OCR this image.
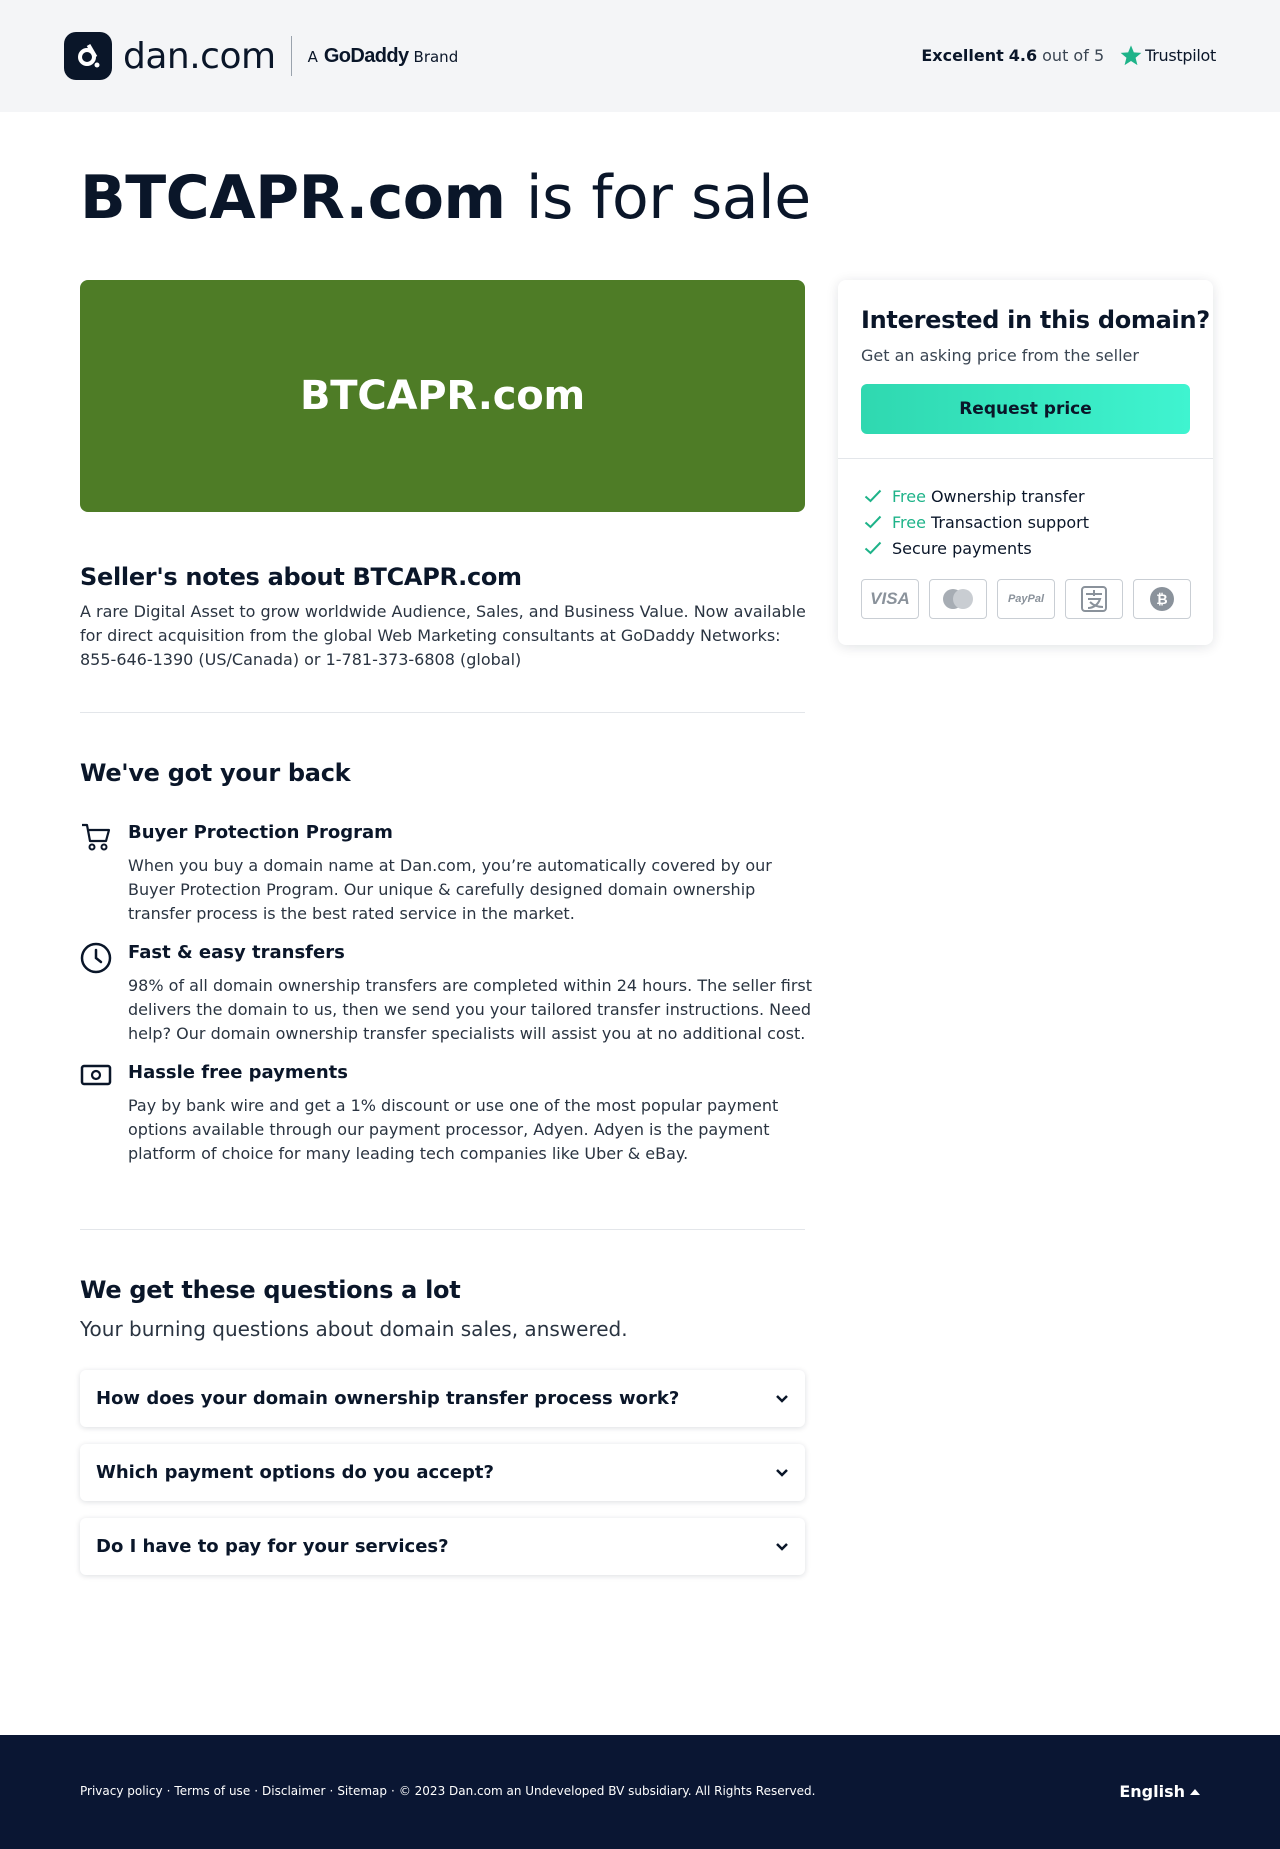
dan.com A GoDaddy Brand	Excellent 4.6 out of 5	Trustpilot
BTCAPR.com is for sale
BTCAPR.com
Interested in this domain?
Get an asking price from the seller
Request price
Free Ownership transfer
Free Transaction support
Secure payments
VISA	PayPal	₿
Seller's notes about BTCAPR.com

A rare Digital Asset to grow worldwide Audience, Sales, and Business Value. Now available for direct acquisition from the global Web Marketing consultants at GoDaddy Networks: 855-646-1390 (US/Canada) or 1-781-373-6808 (global)

We've got your back
Buyer Protection Program
When you buy a domain name at Dan.com, you’re automatically covered by our Buyer Protection Program. Our unique & carefully designed domain ownership transfer process is the best rated service in the market.
Fast & easy transfers
98% of all domain ownership transfers are completed within 24 hours. The seller first delivers the domain to us, then we send you your tailored transfer instructions. Need help? Our domain ownership transfer specialists will assist you at no additional cost.
Hassle free payments
Pay by bank wire and get a 1% discount or use one of the most popular payment options available through our payment processor, Adyen. Adyen is the payment platform of choice for many leading tech companies like Uber & eBay.
We get these questions a lot

Your burning questions about domain sales, answered.

How does your domain ownership transfer process work?
Which payment options do you accept?
Do I have to pay for your services?
Privacy policy · Terms of use · Disclaimer · Sitemap · © 2023 Dan.com an Undeveloped BV subsidiary. All Rights Reserved.	English
